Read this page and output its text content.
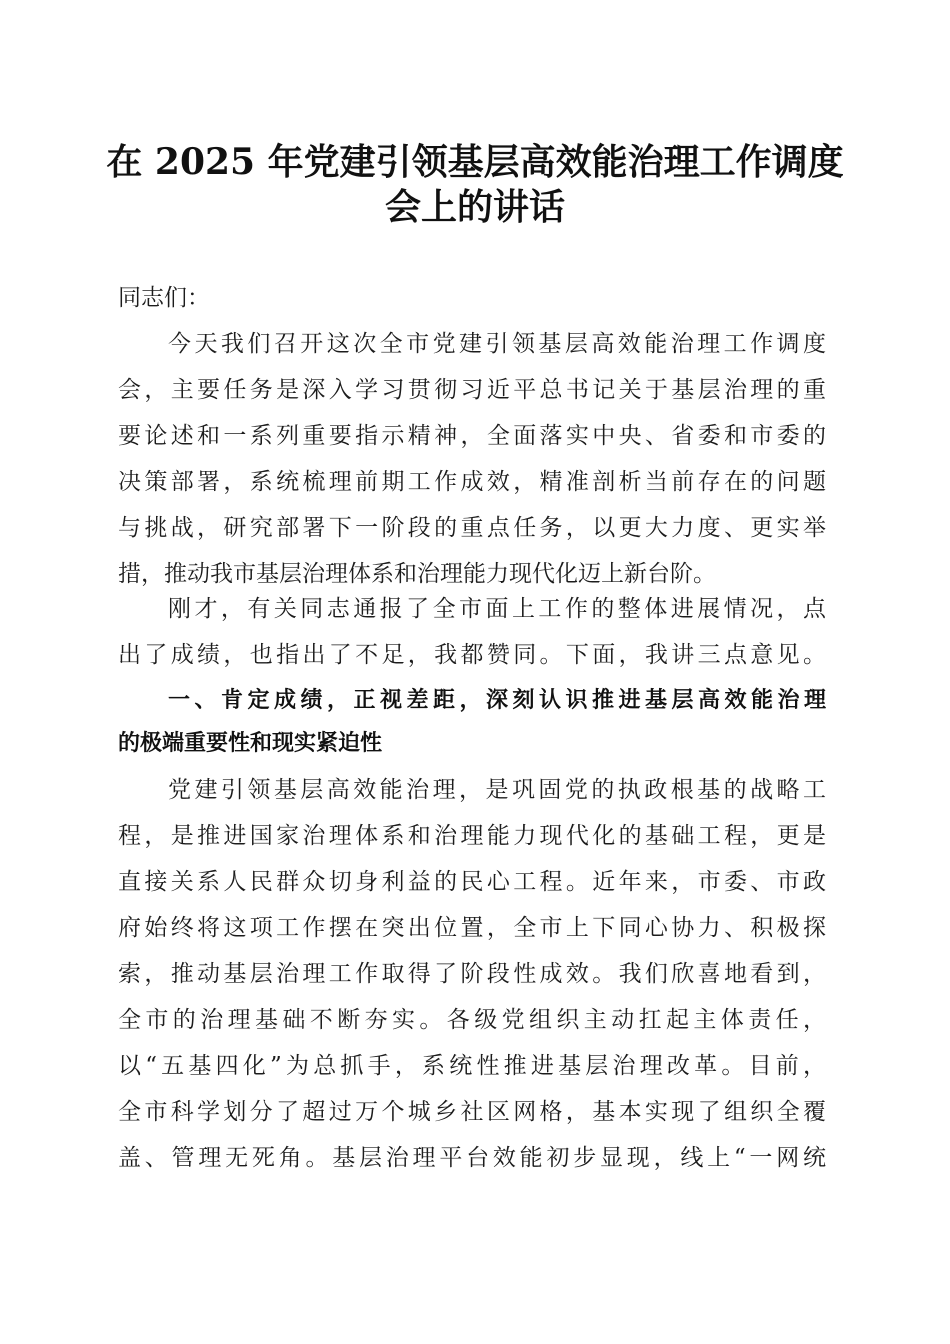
在 2025 年党建引领基层高效能治理工作调度
会上的讲话
同志们：
今天我们召开这次全市党建引领基层高效能治理工作调度
会，主要任务是深入学习贯彻习近平总书记关于基层治理的重
要论述和一系列重要指示精神，全面落实中央、省委和市委的
决策部署，系统梳理前期工作成效，精准剖析当前存在的问题
与挑战，研究部署下一阶段的重点任务，以更大力度、更实举
措，推动我市基层治理体系和治理能力现代化迈上新台阶。
刚才，有关同志通报了全市面上工作的整体进展情况，点
出了成绩，也指出了不足，我都赞同。下面，我讲三点意见。
一、肯定成绩，正视差距，深刻认识推进基层高效能治理
的极端重要性和现实紧迫性
党建引领基层高效能治理，是巩固党的执政根基的战略工
程，是推进国家治理体系和治理能力现代化的基础工程，更是
直接关系人民群众切身利益的民心工程。近年来，市委、市政
府始终将这项工作摆在突出位置，全市上下同心协力、积极探
索，推动基层治理工作取得了阶段性成效。我们欣喜地看到，
全市的治理基础不断夯实。各级党组织主动扛起主体责任，
以“五基四化”为总抓手，系统性推进基层治理改革。目前，
全市科学划分了超过万个城乡社区网格，基本实现了组织全覆
盖、管理无死角。基层治理平台效能初步显现，线上“一网统
